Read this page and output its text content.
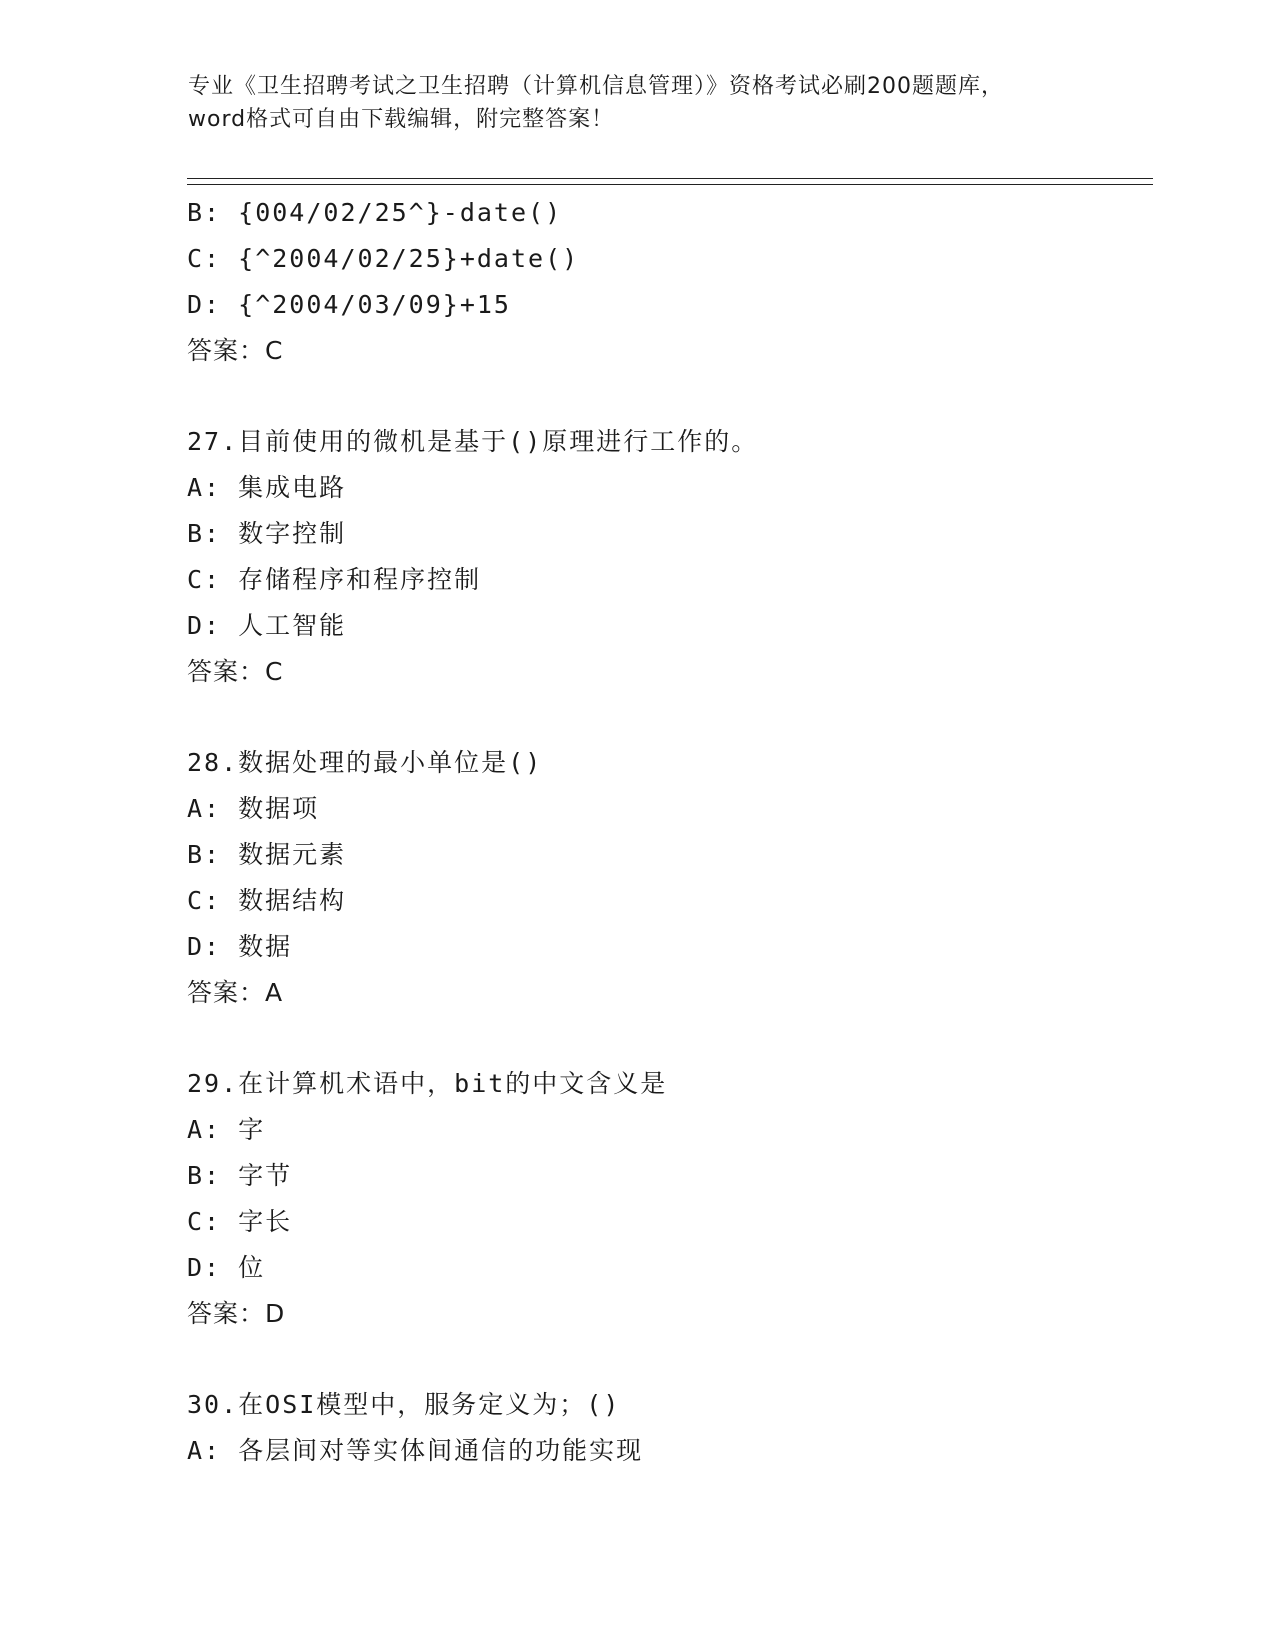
专业《卫生招聘考试之卫生招聘（计算机信息管理）》资格考试必刷200题题库，
word格式可自由下载编辑，附完整答案！
B: {004/02/25^}-date()
C: {^2004/02/25}+date()
D: {^2004/03/09}+15
答案：C
27.目前使用的微机是基于()原理进行工作的。
A: 集成电路
B: 数字控制
C: 存储程序和程序控制
D: 人工智能
答案：C
28.数据处理的最小单位是()
A: 数据项
B: 数据元素
C: 数据结构
D: 数据
答案：A
29.在计算机术语中，bit的中文含义是
A: 字
B: 字节
C: 字长
D: 位
答案：D
30.在OSI模型中，服务定义为；()
A: 各层间对等实体间通信的功能实现
